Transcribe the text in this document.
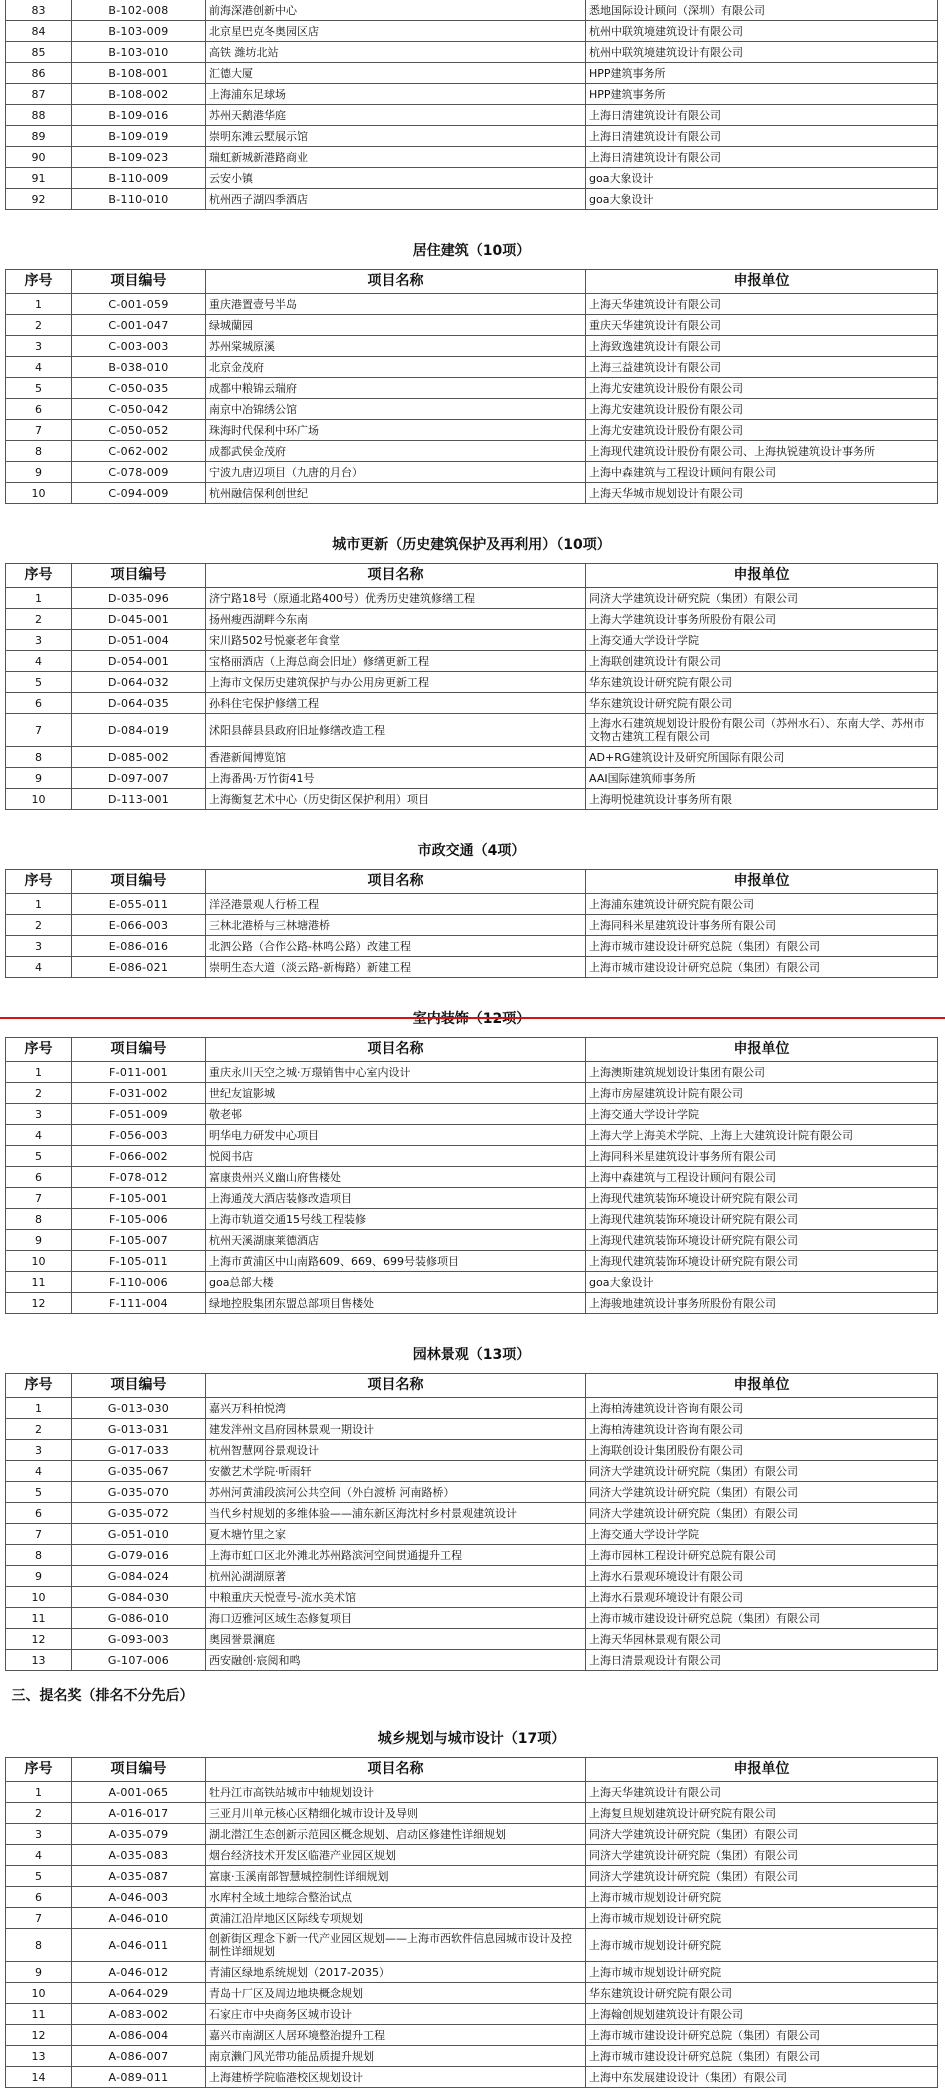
83	B-102-008	前海深港创新中心	悉地国际设计顾问（深圳）有限公司
84	B-103-009	北京星巴克冬奥园区店	杭州中联筑境建筑设计有限公司
85	B-103-010	高铁 潍坊北站	杭州中联筑境建筑设计有限公司
86	B-108-001	汇德大厦	HPP建筑事务所
87	B-108-002	上海浦东足球场	HPP建筑事务所
88	B-109-016	苏州天鹅港华庭	上海日清建筑设计有限公司
89	B-109-019	崇明东滩云墅展示馆	上海日清建筑设计有限公司
90	B-109-023	瑞虹新城新港路商业	上海日清建筑设计有限公司
91	B-110-009	云安小镇	goa大象设计
92	B-110-010	杭州西子湖四季酒店	goa大象设计

居住建筑（10项）			
序号	项目编号	项目名称	申报单位
1	C-001-059	重庆港置壹号半岛	上海天华建筑设计有限公司
2	C-001-047	绿城蘭园	重庆天华建筑设计有限公司
3	C-003-003	苏州棠城原溪	上海致逸建筑设计有限公司
4	B-038-010	北京金茂府	上海三益建筑设计有限公司
5	C-050-035	成都中粮锦云瑞府	上海尤安建筑设计股份有限公司
6	C-050-042	南京中冶锦绣公馆	上海尤安建筑设计股份有限公司
7	C-050-052	珠海时代保利中环广场	上海尤安建筑设计股份有限公司
8	C-062-002	成都武侯金茂府	上海现代建筑设计股份有限公司、上海执锐建筑设计事务所
9	C-078-009	宁波九唐辺项目（九唐的月台）	上海中森建筑与工程设计顾问有限公司
10	C-094-009	杭州融信保利创世纪	上海天华城市规划设计有限公司

城市更新（历史建筑保护及再利用）（10项）			
序号	项目编号	项目名称	申报单位
1	D-035-096	济宁路18号（原通北路400号）优秀历史建筑修缮工程	同济大学建筑设计研究院（集团）有限公司
2	D-045-001	扬州瘦西湖畔今东南	上海大学建筑设计事务所股份有限公司
3	D-051-004	宋川路502号悦豪老年食堂	上海交通大学设计学院
4	D-054-001	宝格丽酒店（上海总商会旧址）修缮更新工程	上海联创建筑设计有限公司
5	D-064-032	上海市文保历史建筑保护与办公用房更新工程	华东建筑设计研究院有限公司
6	D-064-035	孙科住宅保护修缮工程	华东建筑设计研究院有限公司
7	D-084-019	沭阳县薛县县政府旧址修缮改造工程	上海水石建筑规划设计股份有限公司（苏州水石）、东南大学、苏州市文物古建筑工程有限公司
8	D-085-002	香港新闻博览馆	AD+RG建筑设计及研究所国际有限公司
9	D-097-007	上海番禺·万竹街41号	AAI国际建筑师事务所
10	D-113-001	上海衡复艺术中心（历史街区保护利用）项目	上海明悦建筑设计事务所有限

市政交通（4项）			
序号	项目编号	项目名称	申报单位
1	E-055-011	洋泾港景观人行桥工程	上海浦东建筑设计研究院有限公司
2	E-066-003	三林北港桥与三林塘港桥	上海同科米星建筑设计事务所有限公司
3	E-086-016	北泗公路（合作公路-林鸣公路）改建工程	上海市城市建设设计研究总院（集团）有限公司
4	E-086-021	崇明生态大道（淡云路-新梅路）新建工程	上海市城市建设设计研究总院（集团）有限公司

序号	项目编号	项目名称	申报单位
1	F-011-001	重庆永川天空之城·万璟销售中心室内设计	上海澳斯建筑规划设计集团有限公司
2	F-031-002	世纪友谊影城	上海市房屋建筑设计院有限公司
3	F-051-009	敬老邨	上海交通大学设计学院
4	F-056-003	明华电力研发中心项目	上海大学上海美术学院、上海上大建筑设计院有限公司
5	F-066-002	悦阅书店	上海同科米星建筑设计事务所有限公司
6	F-078-012	富康贵州兴义幽山府售楼处	上海中森建筑与工程设计顾问有限公司
7	F-105-001	上海通茂大酒店装修改造项目	上海现代建筑装饰环境设计研究院有限公司
8	F-105-006	上海市轨道交通15号线工程装修	上海现代建筑装饰环境设计研究院有限公司
9	F-105-007	杭州天溪湖康莱德酒店	上海现代建筑装饰环境设计研究院有限公司
10	F-105-011	上海市黄浦区中山南路609、669、699号装修项目	上海现代建筑装饰环境设计研究院有限公司
11	F-110-006	goa总部大楼	goa大象设计
12	F-111-004	绿地控股集团东盟总部项目售楼处	上海骏地建筑设计事务所股份有限公司

园林景观（13项）			
序号	项目编号	项目名称	申报单位
1	G-013-030	嘉兴万科柏悦湾	上海柏涛建筑设计咨询有限公司
2	G-013-031	建发泮州文昌府园林景观一期设计	上海柏涛建筑设计咨询有限公司
3	G-017-033	杭州智慧网谷景观设计	上海联创设计集团股份有限公司
4	G-035-067	安徽艺术学院·听雨轩	同济大学建筑设计研究院（集团）有限公司
5	G-035-070	苏州河黄浦段滨河公共空间（外白渡桥 河南路桥）	同济大学建筑设计研究院（集团）有限公司
6	G-035-072	当代乡村规划的多维体验——浦东新区海沈村乡村景观建筑设计	同济大学建筑设计研究院（集团）有限公司
7	G-051-010	夏木塘竹里之家	上海交通大学设计学院
8	G-079-016	上海市虹口区北外滩北苏州路滨河空间贯通提升工程	上海市园林工程设计研究总院有限公司
9	G-084-024	杭州沁湖湖原著	上海水石景观环境设计有限公司
10	G-084-030	中粮重庆天悦壹号-流水美术馆	上海水石景观环境设计有限公司
11	G-086-010	海口迈雅河区域生态修复项目	上海市城市建设设计研究总院（集团）有限公司
12	G-093-003	奥园誉景澜庭	上海天华园林景观有限公司
13	G-107-006	西安融创·宸阅和鸣	上海日清景观设计有限公司
三、提名奖（排名不分先后）			
城乡规划与城市设计（17项）			
序号	项目编号	项目名称	申报单位
1	A-001-065	牡丹江市高铁站城市中轴规划设计	上海天华建筑设计有限公司
2	A-016-017	三亚月川单元核心区精细化城市设计及导则	上海复旦规划建筑设计研究院有限公司
3	A-035-079	湖北潜江生态创新示范园区概念规划、启动区修建性详细规划	同济大学建筑设计研究院（集团）有限公司
4	A-035-083	烟台经济技术开发区临港产业园区规划	同济大学建筑设计研究院（集团）有限公司
5	A-035-087	富康·玉溪南部智慧城控制性详细规划	同济大学建筑设计研究院（集团）有限公司
6	A-046-003	水库村全域土地综合整治试点	上海市城市规划设计研究院
7	A-046-010	黄浦江沿岸地区区际线专项规划	上海市城市规划设计研究院
8	A-046-011	创新街区理念下新一代产业园区规划——上海市西软件信息园城市设计及控制性详细规划	上海市城市规划设计研究院
9	A-046-012	青浦区绿地系统规划（2017-2035）	上海市城市规划设计研究院
10	A-064-029	青岛十厂区及周边地块概念规划	华东建筑设计研究院有限公司
11	A-083-002	石家庄市中央商务区城市设计	上海翰创规划建筑设计有限公司
12	A-086-004	嘉兴市南湖区人居环境整治提升工程	上海市城市建设设计研究总院（集团）有限公司
13	A-086-007	南京濑门风光带功能品质提升规划	上海市城市建设设计研究总院（集团）有限公司
14	A-089-011	上海建桥学院临港校区规划设计	上海中东发展建设设计（集团）有限公司
